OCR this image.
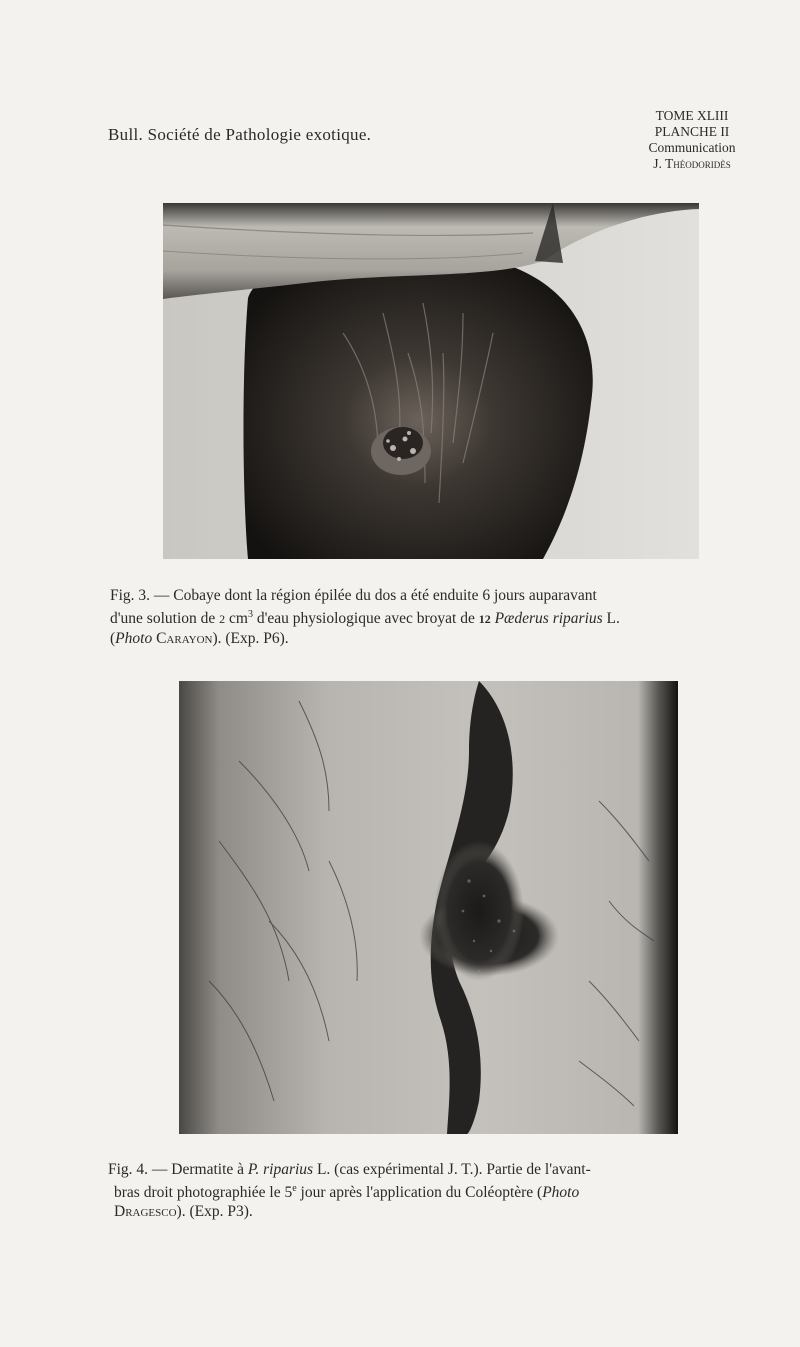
Bull. Société de Pathologie exotique.
TOME XLIII
PLANCHE II
Communication
J. Théodoridès
Fig. 3. — Cobaye dont la région épilée du dos a été enduite 6 jours auparavant
d'une solution de 2 $cm^3$ d'eau physiologique avec broyat de 12 Pæderus riparius L.
(Photo Carayon). (Exp. P6).
Fig. 4. — Dermatite à P. riparius L. (cas expérimental J. T.). Partie de l'avant-
bras droit photographiée le 5e jour après l'application du Coléoptère (Photo
Dragesco). (Exp. P3).
